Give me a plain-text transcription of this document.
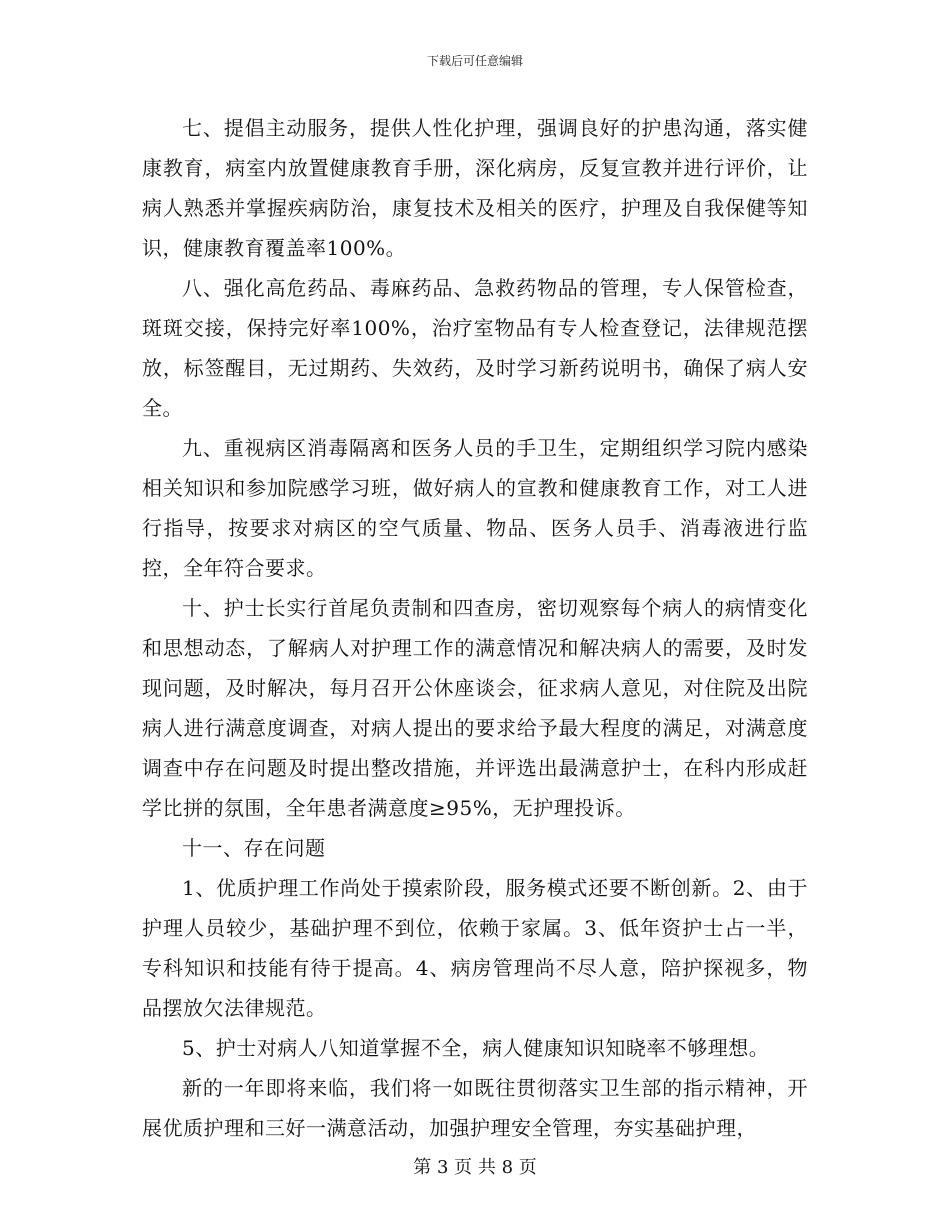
下载后可任意编辑

七、提倡主动服务，提供人性化护理，强调良好的护患沟通，落实健康教育，病室内放置健康教育手册，深化病房，反复宣教并进行评价，让病人熟悉并掌握疾病防治，康复技术及相关的医疗，护理及自我保健等知识，健康教育覆盖率100%。

八、强化高危药品、毒麻药品、急救药物品的管理，专人保管检查，斑斑交接，保持完好率100%，治疗室物品有专人检查登记，法律规范摆放，标签醒目，无过期药、失效药，及时学习新药说明书，确保了病人安全。

九、重视病区消毒隔离和医务人员的手卫生，定期组织学习院内感染相关知识和参加院感学习班，做好病人的宣教和健康教育工作，对工人进行指导，按要求对病区的空气质量、物品、医务人员手、消毒液进行监控，全年符合要求。

十、护士长实行首尾负责制和四查房，密切观察每个病人的病情变化和思想动态，了解病人对护理工作的满意情况和解决病人的需要，及时发现问题，及时解决，每月召开公休座谈会，征求病人意见，对住院及出院病人进行满意度调查，对病人提出的要求给予最大程度的满足，对满意度调查中存在问题及时提出整改措施，并评选出最满意护士，在科内形成赶学比拼的氛围，全年患者满意度≥95%，无护理投诉。

十一、存在问题

1、优质护理工作尚处于摸索阶段，服务模式还要不断创新。2、由于护理人员较少，基础护理不到位，依赖于家属。3、低年资护士占一半，专科知识和技能有待于提高。4、病房管理尚不尽人意，陪护探视多，物品摆放欠法律规范。

5、护士对病人八知道掌握不全，病人健康知识知晓率不够理想。

新的一年即将来临，我们将一如既往贯彻落实卫生部的指示精神，开展优质护理和三好一满意活动，加强护理安全管理，夯实基础护理，

第 3 页 共 8 页
